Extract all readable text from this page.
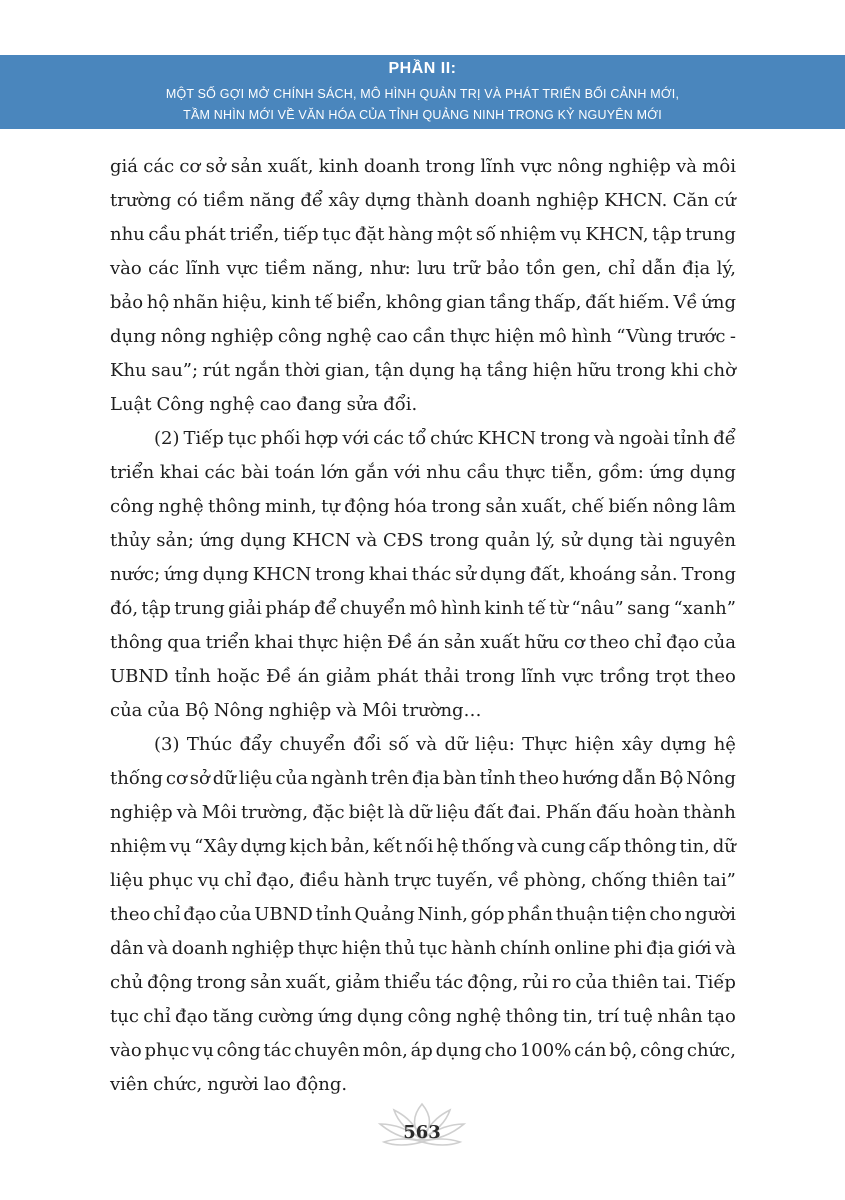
PHẦN II:
MỘT SỐ GỢI MỞ CHÍNH SÁCH, MÔ HÌNH QUẢN TRỊ VÀ PHÁT TRIỂN BỐI CẢNH MỚI,
TẦM NHÌN MỚI VỀ VĂN HÓA CỦA TỈNH QUẢNG NINH TRONG KỶ NGUYÊN MỚI
giá các cơ sở sản xuất, kinh doanh trong lĩnh vực nông nghiệp và môi
trường có tiềm năng để xây dựng thành doanh nghiệp KHCN. Căn cứ
nhu cầu phát triển, tiếp tục đặt hàng một số nhiệm vụ KHCN, tập trung
vào các lĩnh vực tiềm năng, như: lưu trữ bảo tồn gen, chỉ dẫn địa lý,
bảo hộ nhãn hiệu, kinh tế biển, không gian tầng thấp, đất hiếm. Về ứng
dụng nông nghiệp công nghệ cao cần thực hiện mô hình “Vùng trước -
Khu sau”; rút ngắn thời gian, tận dụng hạ tầng hiện hữu trong khi chờ
Luật Công nghệ cao đang sửa đổi.
(2) Tiếp tục phối hợp với các tổ chức KHCN trong và ngoài tỉnh để
triển khai các bài toán lớn gắn với nhu cầu thực tiễn, gồm: ứng dụng
công nghệ thông minh, tự động hóa trong sản xuất, chế biến nông lâm
thủy sản; ứng dụng KHCN và CĐS trong quản lý, sử dụng tài nguyên
nước; ứng dụng KHCN trong khai thác sử dụng đất, khoáng sản. Trong
đó, tập trung giải pháp để chuyển mô hình kinh tế từ “nâu” sang “xanh”
thông qua triển khai thực hiện Đề án sản xuất hữu cơ theo chỉ đạo của
UBND tỉnh hoặc Đề án giảm phát thải trong lĩnh vực trồng trọt theo
của của Bộ Nông nghiệp và Môi trường…
(3) Thúc đẩy chuyển đổi số và dữ liệu: Thực hiện xây dựng hệ
thống cơ sở dữ liệu của ngành trên địa bàn tỉnh theo hướng dẫn Bộ Nông
nghiệp và Môi trường, đặc biệt là dữ liệu đất đai. Phấn đấu hoàn thành
nhiệm vụ “Xây dựng kịch bản, kết nối hệ thống và cung cấp thông tin, dữ
liệu phục vụ chỉ đạo, điều hành trực tuyến, về phòng, chống thiên tai”
theo chỉ đạo của UBND tỉnh Quảng Ninh, góp phần thuận tiện cho người
dân và doanh nghiệp thực hiện thủ tục hành chính online phi địa giới và
chủ động trong sản xuất, giảm thiểu tác động, rủi ro của thiên tai. Tiếp
tục chỉ đạo tăng cường ứng dụng công nghệ thông tin, trí tuệ nhân tạo
vào phục vụ công tác chuyên môn, áp dụng cho 100% cán bộ, công chức,
viên chức, người lao động.
563
